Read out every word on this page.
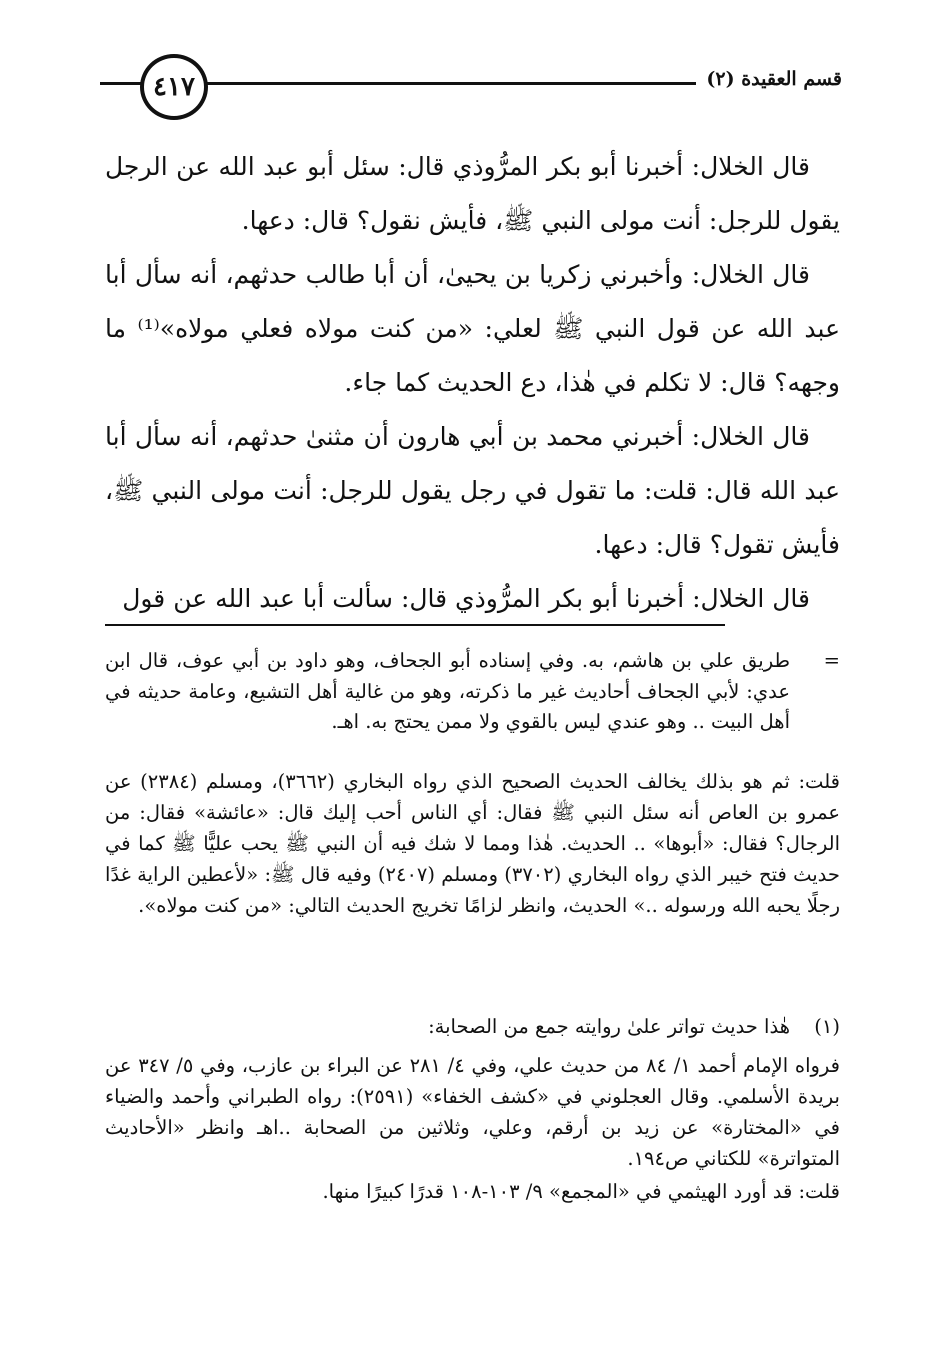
٤١٧	قسم العقيدة (٢)

قال الخلال: أخبرنا أبو بكر المرُّوذي قال: سئل أبو عبد الله عن الرجل يقول للرجل: أنت مولى النبي ﷺ، فأيش نقول؟ قال: دعها.

قال الخلال: وأخبرني زكريا بن يحيىٰ، أن أبا طالب حدثهم، أنه سأل أبا عبد الله عن قول النبي ﷺ لعلي: «من كنت مولاه فعلي مولاه»⁽¹⁾ ما وجهه؟ قال: لا تكلم في هٰذا، دع الحديث كما جاء.

قال الخلال: أخبرني محمد بن أبي هارون أن مثنىٰ حدثهم، أنه سأل أبا عبد الله قال: قلت: ما تقول في رجل يقول للرجل: أنت مولى النبي ﷺ، فأيش تقول؟ قال: دعها.

قال الخلال: أخبرنا أبو بكر المرُّوذي قال: سألت أبا عبد الله عن قول

=

طريق علي بن هاشم، به. وفي إسناده أبو الجحاف، وهو داود بن أبي عوف، قال ابن عدي: لأبي الجحاف أحاديث غير ما ذكرته، وهو من غالية أهل التشيع، وعامة حديثه في أهل البيت .. وهو عندي ليس بالقوي ولا ممن يحتج به. اهـ.

قلت: ثم هو بذلك يخالف الحديث الصحيح الذي رواه البخاري (٣٦٦٢)، ومسلم (٢٣٨٤) عن عمرو بن العاص أنه سئل النبي ﷺ فقال: أي الناس أحب إليك قال: «عائشة» فقال: من الرجال؟ فقال: «أبوها» .. الحديث. هٰذا ومما لا شك فيه أن النبي ﷺ يحب عليًّا ﷺ كما في حديث فتح خيبر الذي رواه البخاري (٣٧٠٢) ومسلم (٢٤٠٧) وفيه قال ﷺ: «لأعطين الراية غدًا رجلًا يحبه الله ورسوله ..» الحديث، وانظر لزامًا تخريج الحديث التالي: «من كنت مولاه».

(١)

هٰذا حديث تواتر علىٰ روايته جمع من الصحابة:

فرواه الإمام أحمد ١/ ٨٤ من حديث علي، وفي ٤/ ٢٨١ عن البراء بن عازب، وفي ٥/ ٣٤٧ عن بريدة الأسلمي. وقال العجلوني في «كشف الخفاء» (٢٥٩١): رواه الطبراني وأحمد والضياء في «المختارة» عن زيد بن أرقم، وعلي، وثلاثين من الصحابة ..اهـ وانظر «الأحاديث المتواترة» للكتاني ص١٩٤.

قلت: قد أورد الهيثمي في «المجمع» ٩/ ١٠٣-١٠٨ قدرًا كبيرًا منها.
